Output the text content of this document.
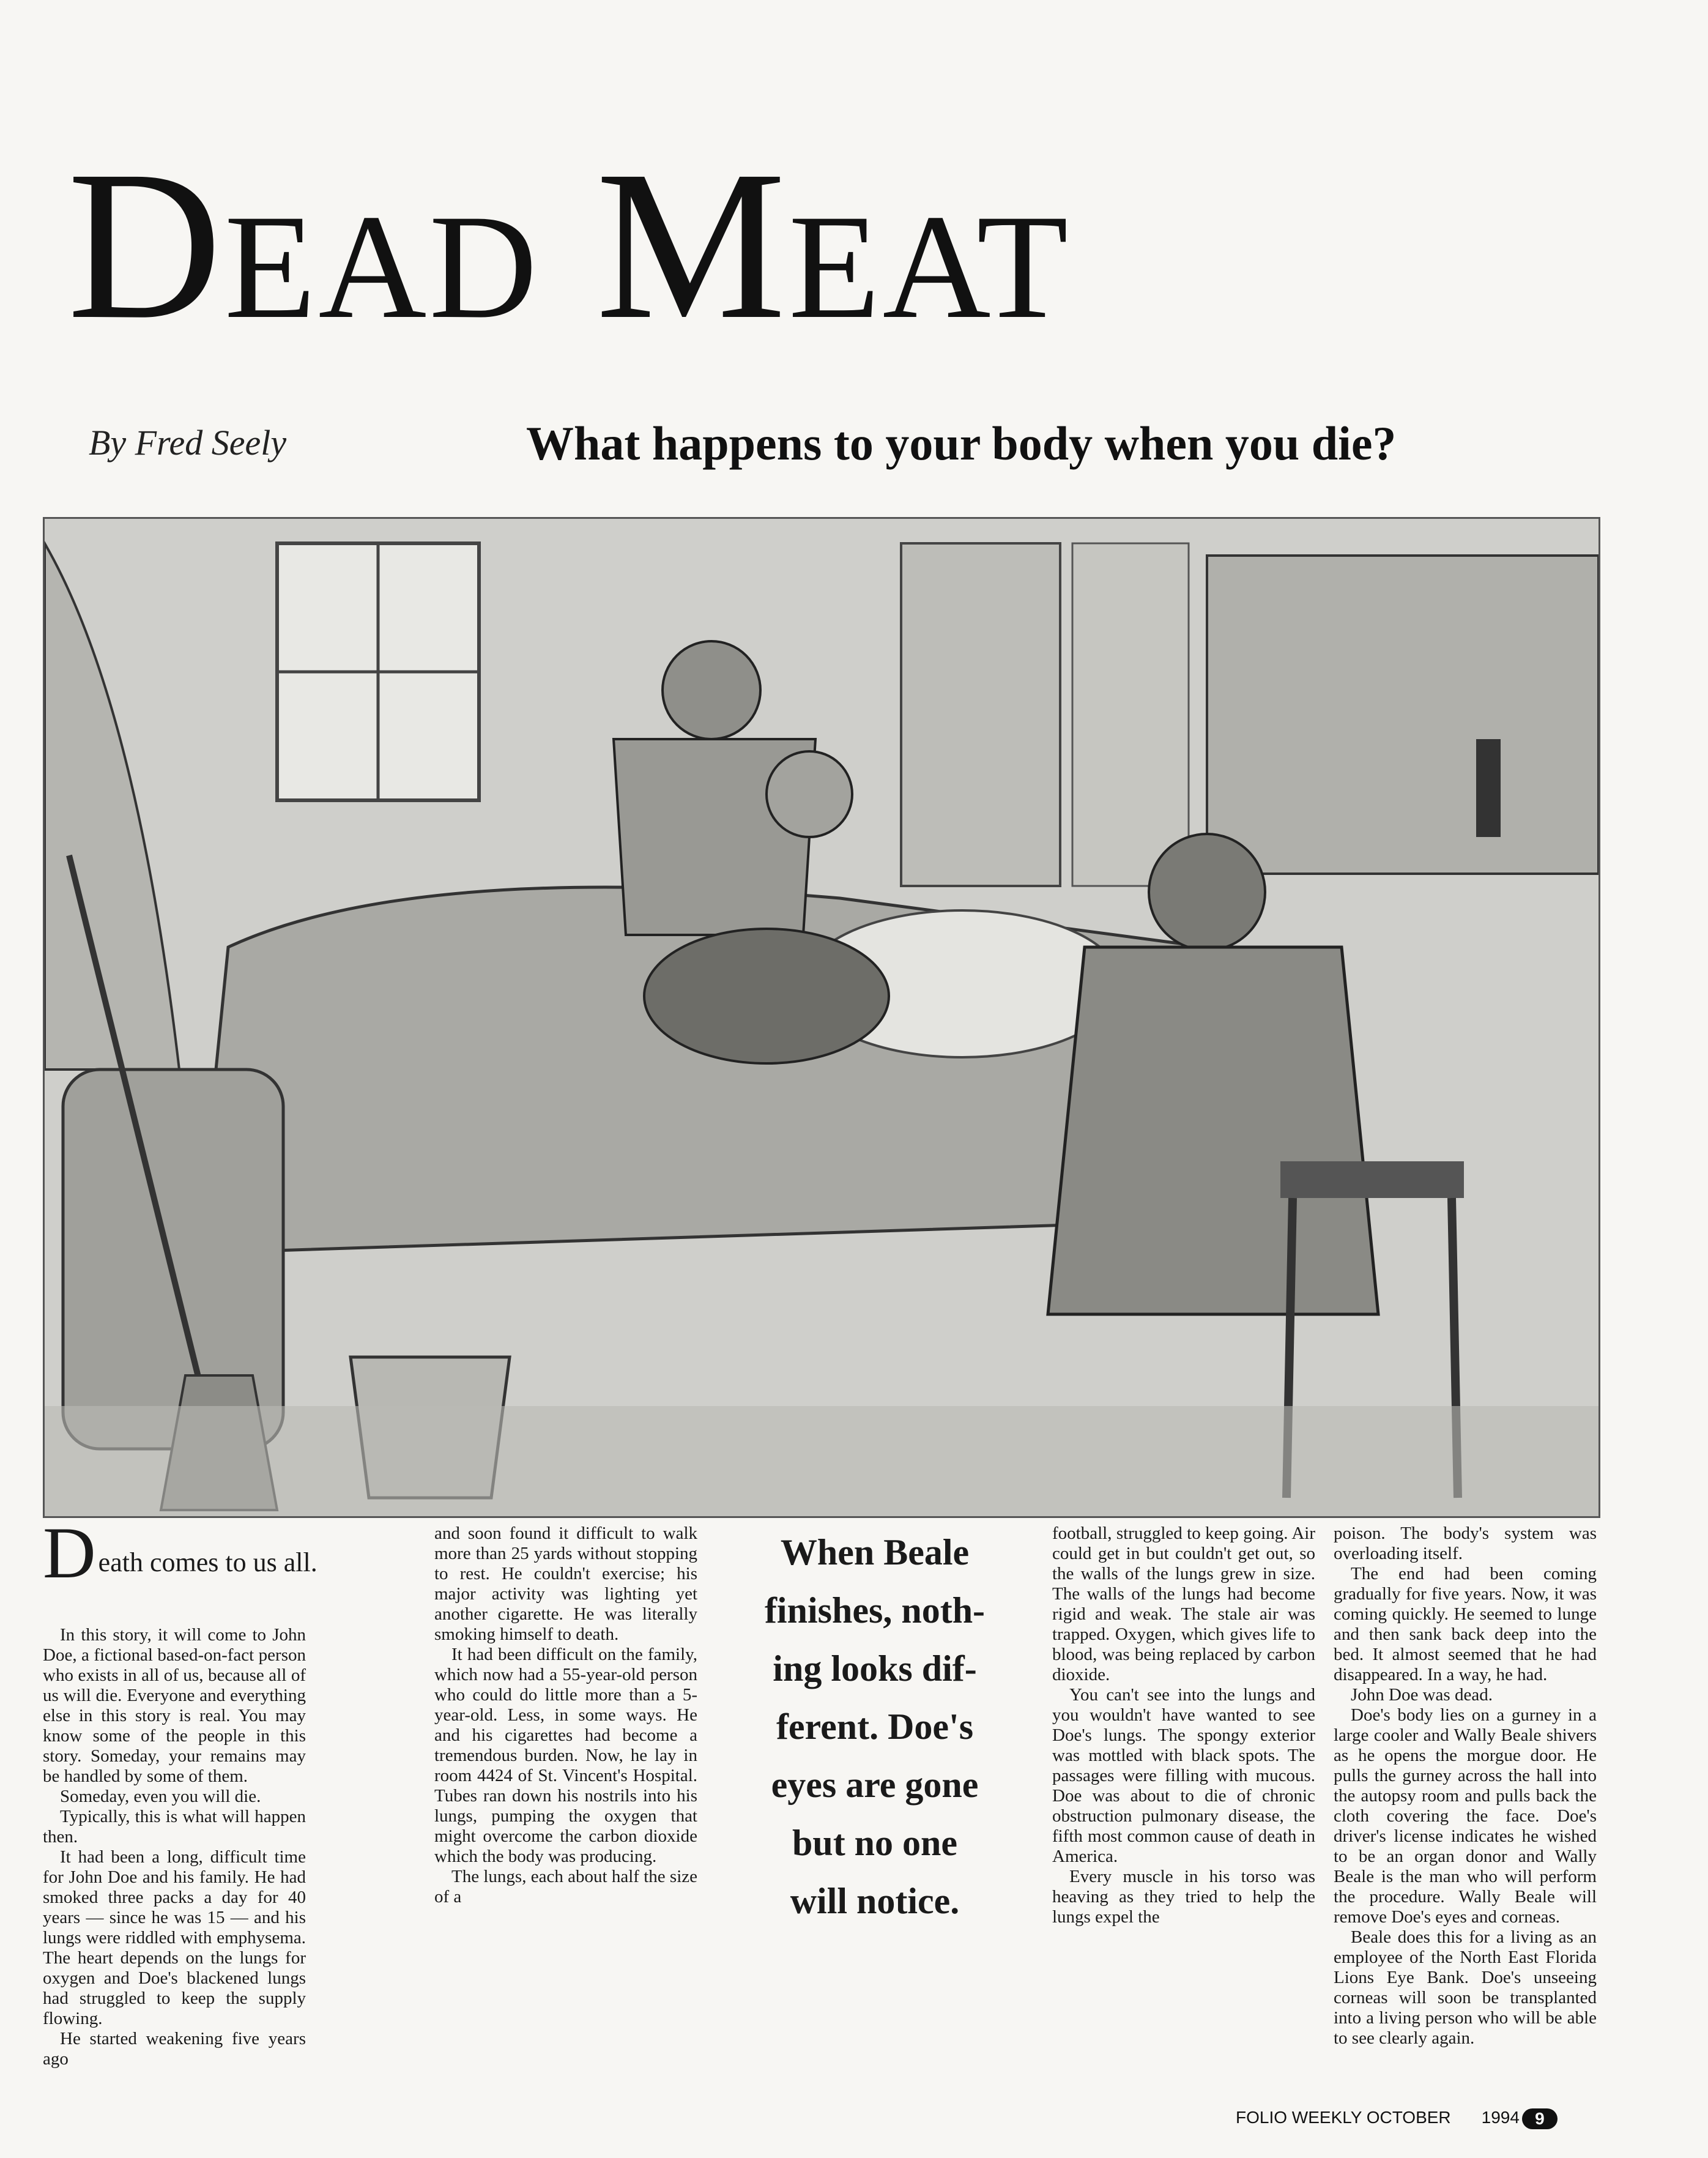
Dead Meat
By Fred Seely	What happens to your body when you die?
Death comes to us all.

In this story, it will come to John Doe, a fictional based-on-fact person who exists in all of us, because all of us will die. Everyone and everything else in this story is real. You may know some of the people in this story. Someday, your remains may be handled by some of them.

Someday, even you will die.

Typically, this is what will happen then.

It had been a long, difficult time for John Doe and his family. He had smoked three packs a day for 40 years — since he was 15 — and his lungs were riddled with emphysema. The heart depends on the lungs for oxygen and Doe's blackened lungs had struggled to keep the supply flowing.

He started weakening five years ago

and soon found it difficult to walk more than 25 yards without stopping to rest. He couldn't exercise; his major activity was lighting yet another cigarette. He was literally smoking himself to death.

It had been difficult on the family, which now had a 55-year-old person who could do little more than a 5-year-old. Less, in some ways. He and his cigarettes had become a tremendous burden. Now, he lay in room 4424 of St. Vincent's Hospital. Tubes ran down his nostrils into his lungs, pumping the oxygen that might overcome the carbon dioxide which the body was producing.

The lungs, each about half the size of a

When Beale
finishes, noth-
ing looks dif-
ferent. Doe's
eyes are gone
but no one
will notice.

football, struggled to keep going. Air could get in but couldn't get out, so the walls of the lungs grew in size. The walls of the lungs had become rigid and weak. The stale air was trapped. Oxygen, which gives life to blood, was being replaced by carbon dioxide.

You can't see into the lungs and you wouldn't have wanted to see Doe's lungs. The spongy exterior was mottled with black spots. The passages were filling with mucous. Doe was about to die of chronic obstruction pulmonary disease, the fifth most common cause of death in America.

Every muscle in his torso was heaving as they tried to help the lungs expel the

poison. The body's system was overloading itself.

The end had been coming gradually for five years. Now, it was coming quickly. He seemed to lunge and then sank back deep into the bed. It almost seemed that he had disappeared. In a way, he had.

John Doe was dead.

Doe's body lies on a gurney in a large cooler and Wally Beale shivers as he opens the morgue door. He pulls the gurney across the hall into the autopsy room and pulls back the cloth covering the face. Doe's driver's license indicates he wished to be an organ donor and Wally Beale is the man who will perform the procedure. Wally Beale will remove Doe's eyes and corneas.

Beale does this for a living as an employee of the North East Florida Lions Eye Bank. Doe's unseeing corneas will soon be transplanted into a living person who will be able to see clearly again.

FOLIO WEEKLY OCTOBER 1994 9
